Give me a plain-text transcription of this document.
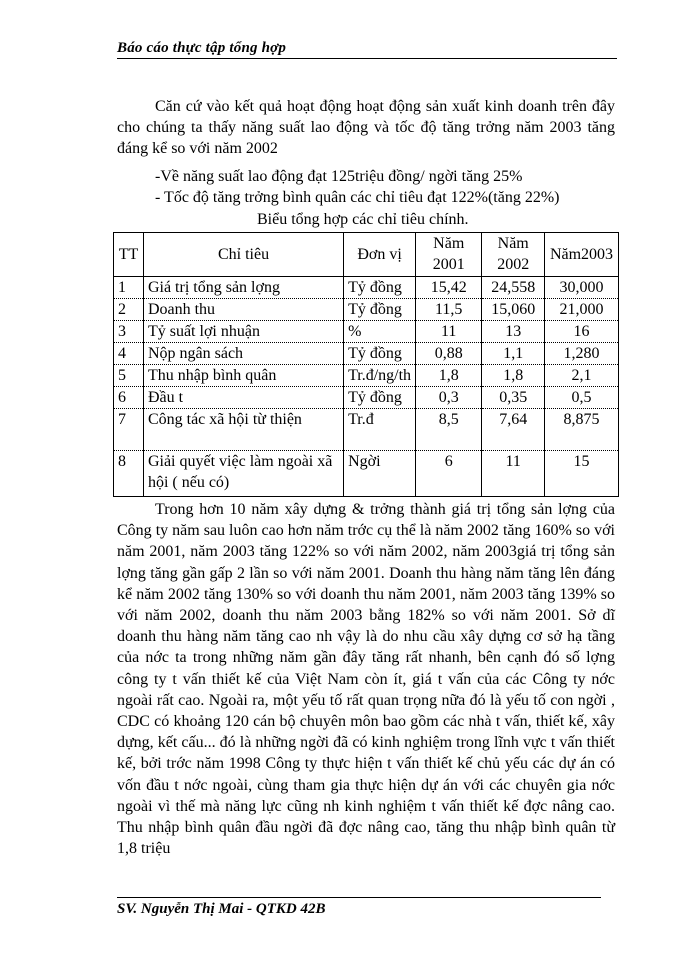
Báo cáo thực tập tổng hợp
Căn cứ vào kết quả hoạt động hoạt động sản xuất kinh doanh trên đây cho chúng ta thấy năng suất lao động và tốc độ tăng trởng năm 2003 tăng đáng kể so với năm 2002
-Về năng suất lao động đạt 125triệu đồng/ ngời tăng 25%
- Tốc độ tăng trởng bình quân các chỉ tiêu đạt 122%(tăng 22%)
Biểu tổng hợp các chỉ tiêu chính.
TT	Chỉ tiêu	Đơn vị	Năm 2001	Năm 2002	Năm2003
1	Giá trị tổng sản lợng	Tỷ đồng	15,42	24,558	30,000
2	Doanh thu	Tỷ đồng	11,5	15,060	21,000
3	Tỷ suất lợi nhuận	%	11	13	16
4	Nộp ngân sách	Tỷ đồng	0,88	1,1	1,280
5	Thu nhập bình quân	Tr.đ/ng/th	1,8	1,8	2,1
6	Đầu t	Tỷ đồng	0,3	0,35	0,5
7	Công tác xã hội từ thiện	Tr.đ	8,5	7,64	8,875
8	Giải quyết việc làm ngoài xã hội ( nếu có)	Ngời	6	11	15
Trong hơn 10 năm xây dựng & trởng thành giá trị tổng sản lợng của Công ty năm sau luôn cao hơn năm trớc cụ thể là năm 2002 tăng 160% so với năm 2001, năm 2003 tăng 122% so với năm 2002, năm 2003giá trị tổng sản lợng tăng gần gấp 2 lần so với năm 2001. Doanh thu hàng năm tăng lên đáng kể năm 2002 tăng 130% so với doanh thu năm 2001, năm 2003 tăng 139% so với năm 2002, doanh thu năm 2003 bằng 182% so với năm 2001. Sở dĩ doanh thu hàng năm tăng cao nh vậy là do nhu cầu xây dựng cơ sở hạ tầng của nớc ta trong những năm gần đây tăng rất nhanh, bên cạnh đó số lợng công ty t vấn thiết kế của Việt Nam còn ít, giá t vấn của các Công ty nớc ngoài rất cao. Ngoài ra, một yếu tố rất quan trọng nữa đó là yếu tố con ngời , CDC có khoảng 120 cán bộ chuyên môn bao gồm các nhà t vấn, thiết kế, xây dựng, kết cấu... đó là những ngời đã có kinh nghiệm trong lĩnh vực t vấn thiết kế, bởi trớc năm 1998 Công ty thực hiện t vấn thiết kế chủ yếu các dự án có vốn đầu t nớc ngoài, cùng tham gia thực hiện dự án với các chuyên gia nớc ngoài vì thế mà năng lực cũng nh kinh nghiệm t vấn thiết kế đợc nâng cao. Thu nhập bình quân đầu ngời đã đợc nâng cao, tăng thu nhập bình quân từ 1,8 triệu
SV. Nguyễn Thị Mai - QTKD 42B
